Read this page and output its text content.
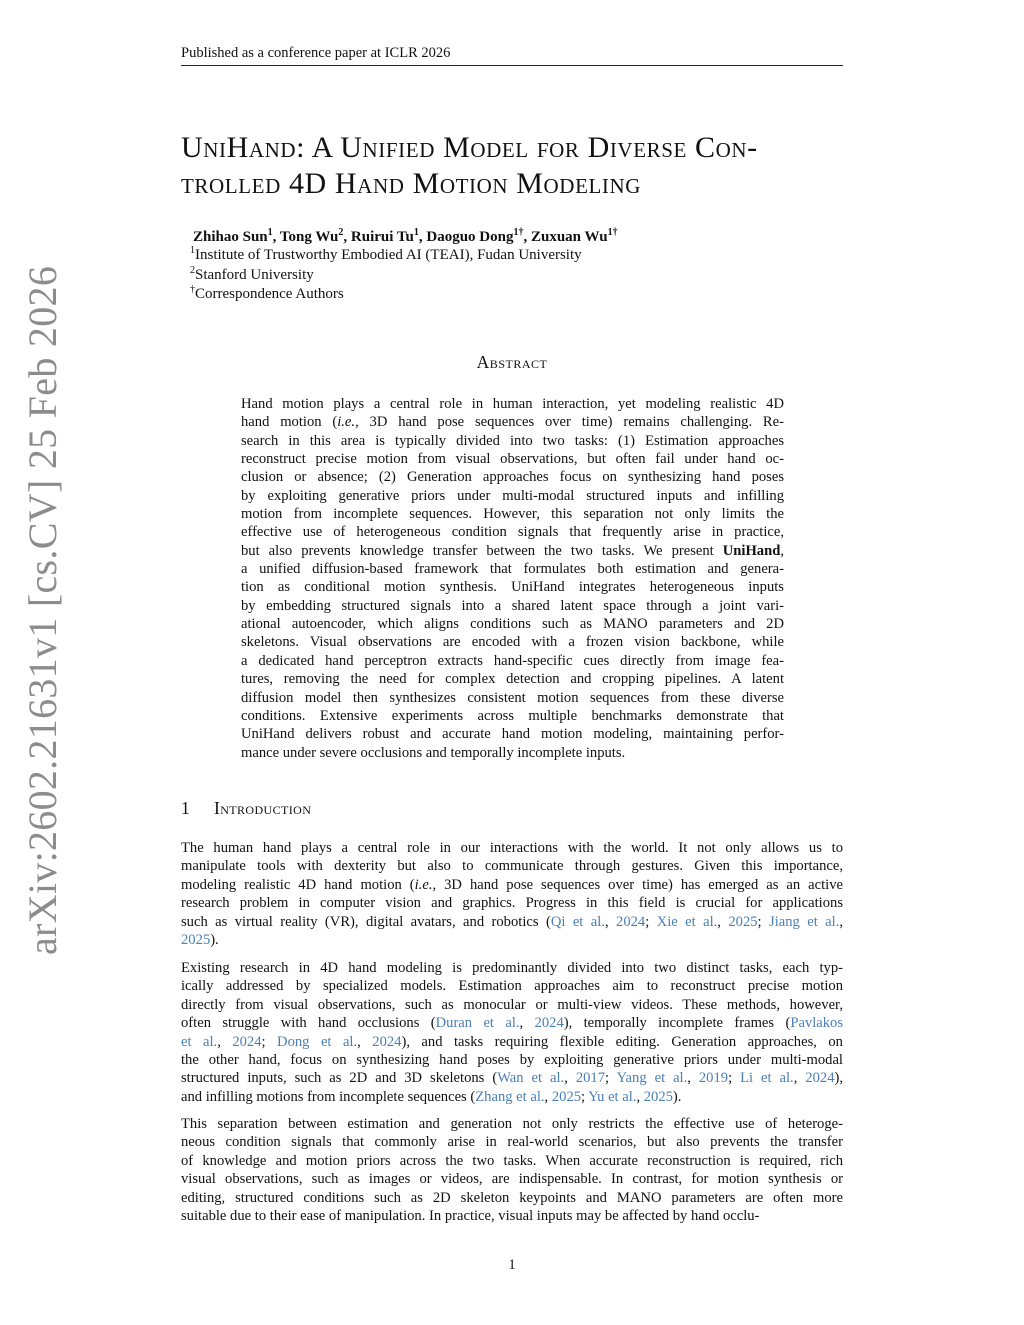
Published as a conference paper at ICLR 2026
arXiv:2602.21631v1 [cs.CV] 25 Feb 2026
UniHand: A Unified Model for Diverse Con-
trolled 4D Hand Motion Modeling
Zhihao Sun$^1$, Tong Wu$^2$, Ruirui Tu$^1$, Daoguo Dong$^{1\dagger}$, Zuxuan $Wu^{1\dagger}$
$^1$Institute of Trustworthy Embodied AI (TEAI), Fudan University
$^2$Stanford University
†Correspondence Authors
Abstract
Hand motion plays a central role in human interaction, yet modeling realistic 4D
hand motion (i.e., 3D hand pose sequences over time) remains challenging. Re-
search in this area is typically divided into two tasks: (1) Estimation approaches
reconstruct precise motion from visual observations, but often fail under hand oc-
clusion or absence; (2) Generation approaches focus on synthesizing hand poses
by exploiting generative priors under multi-modal structured inputs and infilling
motion from incomplete sequences. However, this separation not only limits the
effective use of heterogeneous condition signals that frequently arise in practice,
but also prevents knowledge transfer between the two tasks. We present UniHand,
a unified diffusion-based framework that formulates both estimation and genera-
tion as conditional motion synthesis. UniHand integrates heterogeneous inputs
by embedding structured signals into a shared latent space through a joint vari-
ational autoencoder, which aligns conditions such as MANO parameters and 2D
skeletons. Visual observations are encoded with a frozen vision backbone, while
a dedicated hand perceptron extracts hand-specific cues directly from image fea-
tures, removing the need for complex detection and cropping pipelines. A latent
diffusion model then synthesizes consistent motion sequences from these diverse
conditions. Extensive experiments across multiple benchmarks demonstrate that
UniHand delivers robust and accurate hand motion modeling, maintaining perfor-
mance under severe occlusions and temporally incomplete inputs.
1 Introduction
The human hand plays a central role in our interactions with the world. It not only allows us to
manipulate tools with dexterity but also to communicate through gestures. Given this importance,
modeling realistic 4D hand motion (i.e., 3D hand pose sequences over time) has emerged as an active
research problem in computer vision and graphics. Progress in this field is crucial for applications
such as virtual reality (VR), digital avatars, and robotics (Qi et al., 2024; Xie et al., 2025; Jiang et al.,
2025).
Existing research in 4D hand modeling is predominantly divided into two distinct tasks, each typ-
ically addressed by specialized models. Estimation approaches aim to reconstruct precise motion
directly from visual observations, such as monocular or multi-view videos. These methods, however,
often struggle with hand occlusions (Duran et al., 2024), temporally incomplete frames (Pavlakos
et al., 2024; Dong et al., 2024), and tasks requiring flexible editing. Generation approaches, on
the other hand, focus on synthesizing hand poses by exploiting generative priors under multi-modal
structured inputs, such as 2D and 3D skeletons (Wan et al., 2017; Yang et al., 2019; Li et al., 2024),
and infilling motions from incomplete sequences (Zhang et al., 2025; Yu et al., 2025).
This separation between estimation and generation not only restricts the effective use of heteroge-
neous condition signals that commonly arise in real-world scenarios, but also prevents the transfer
of knowledge and motion priors across the two tasks. When accurate reconstruction is required, rich
visual observations, such as images or videos, are indispensable. In contrast, for motion synthesis or
editing, structured conditions such as 2D skeleton keypoints and MANO parameters are often more
suitable due to their ease of manipulation. In practice, visual inputs may be affected by hand occlu-
1
